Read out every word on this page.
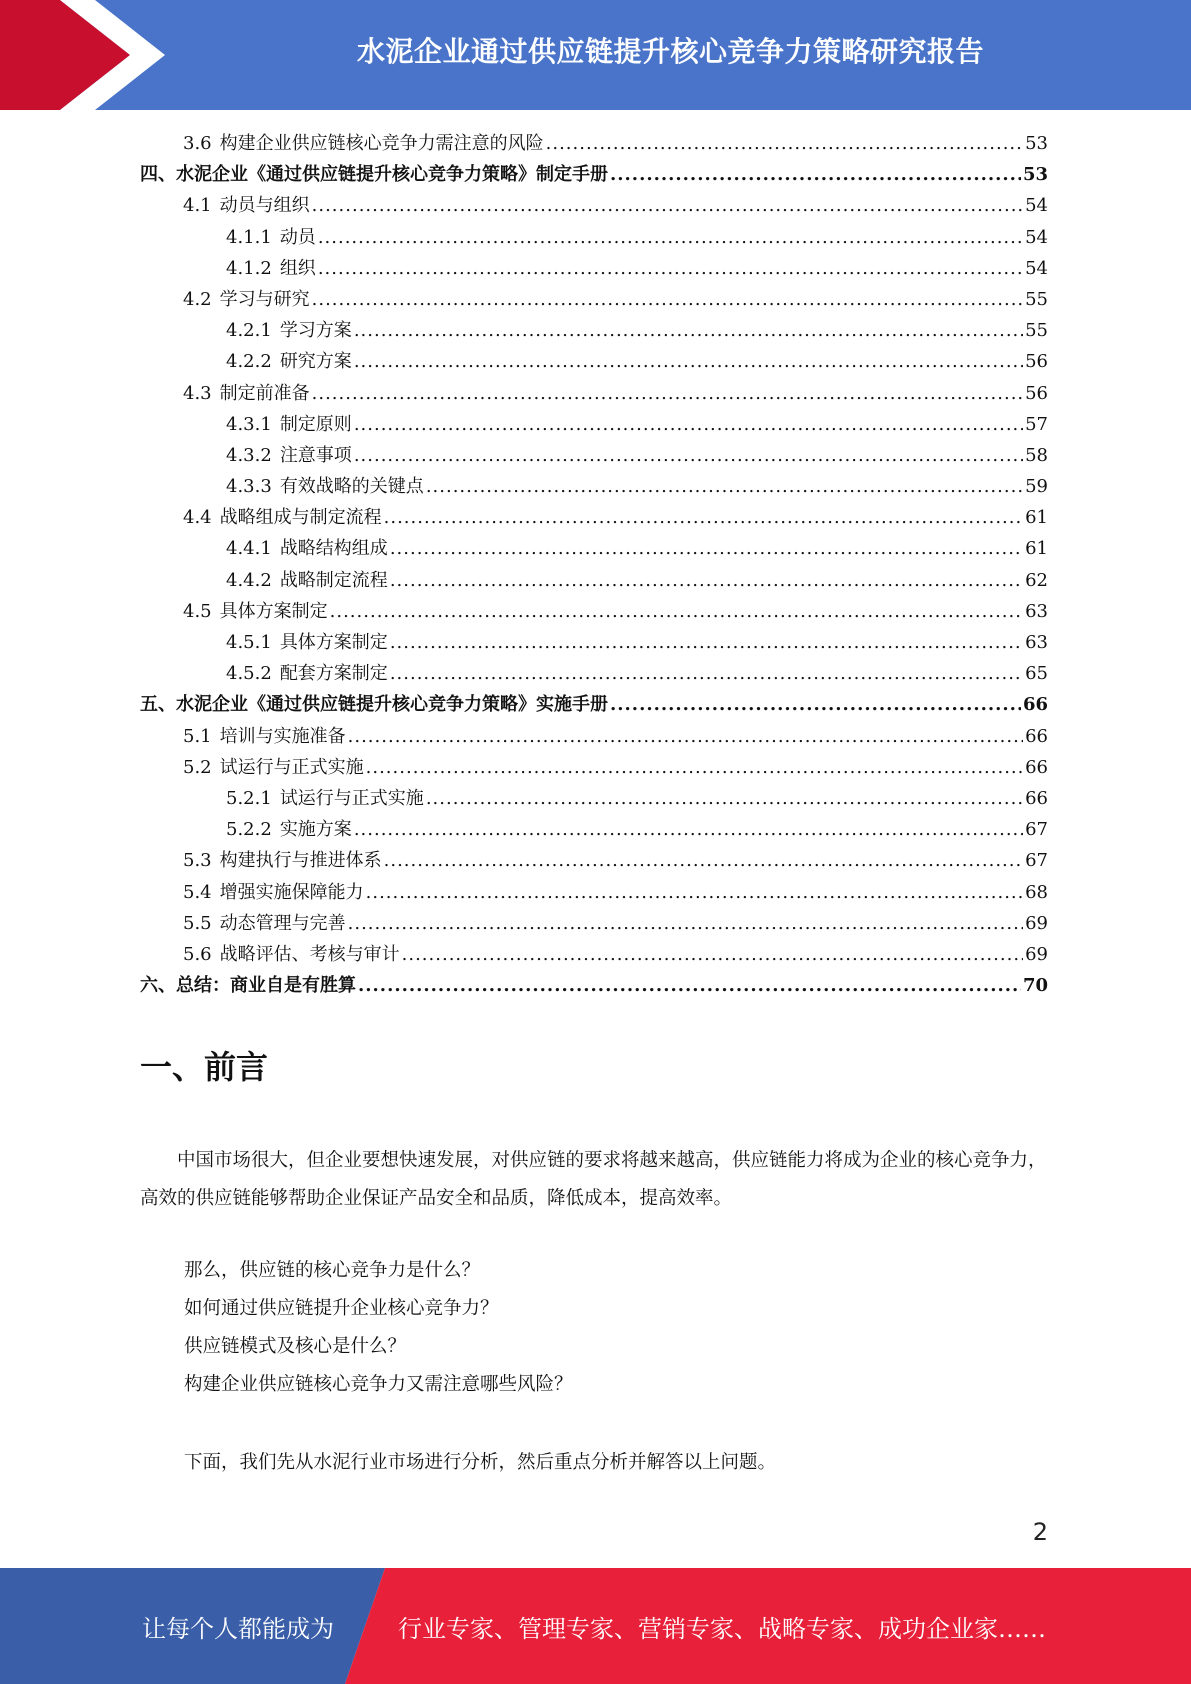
水泥企业通过供应链提升核心竞争力策略研究报告
3.6 构建企业供应链核心竞争力需注意的风险 .....	53
四、水泥企业《通过供应链提升核心竞争力策略》制定手册 .....	53
4.1 动员与组织 .....	54
4.1.1 动员 .....	54
4.1.2 组织 .....	54
4.2 学习与研究 .....	55
4.2.1 学习方案 .....	55
4.2.2 研究方案 .....	56
4.3 制定前准备 .....	56
4.3.1 制定原则 .....	57
4.3.2 注意事项 .....	58
4.3.3 有效战略的关键点 .....	59
4.4 战略组成与制定流程 .....	61
4.4.1 战略结构组成 .....	61
4.4.2 战略制定流程 .....	62
4.5 具体方案制定 .....	63
4.5.1 具体方案制定 .....	63
4.5.2 配套方案制定 .....	65
五、水泥企业《通过供应链提升核心竞争力策略》实施手册 .....	66
5.1 培训与实施准备 .....	66
5.2 试运行与正式实施 .....	66
5.2.1 试运行与正式实施 .....	66
5.2.2 实施方案 .....	67
5.3 构建执行与推进体系 .....	67
5.4 增强实施保障能力 .....	68
5.5 动态管理与完善 .....	69
5.6 战略评估、考核与审计 .....	69
六、总结：商业自是有胜算 .....	70
一、前言

中国市场很大，但企业要想快速发展，对供应链的要求将越来越高，供应链能力将成为企业的核心竞争力，高效的供应链能够帮助企业保证产品安全和品质，降低成本，提高效率。

那么，供应链的核心竞争力是什么？
如何通过供应链提升企业核心竞争力？
供应链模式及核心是什么？
构建企业供应链核心竞争力又需注意哪些风险？

下面，我们先从水泥行业市场进行分析，然后重点分析并解答以上问题。

2
让每个人都能成为	行业专家、管理专家、营销专家、战略专家、成功企业家……
